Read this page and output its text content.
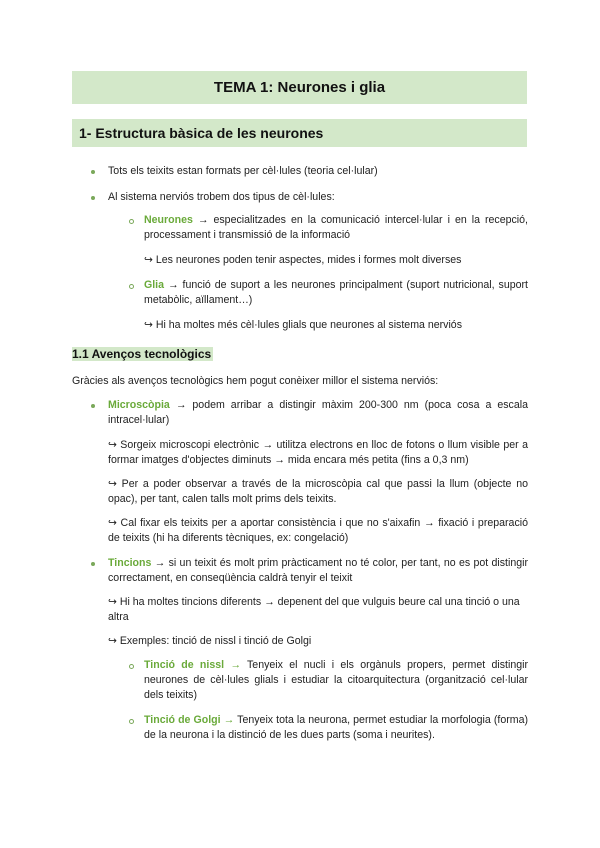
TEMA 1: Neurones i glia
1- Estructura bàsica de les neurones
Tots els teixits estan formats per cèl·lules (teoria cel·lular)
Al sistema nerviós trobem dos tipus de cèl·lules:
Neurones → especialitzades en la comunicació intercel·lular i en la recepció, processament i transmissió de la informació
↪ Les neurones poden tenir aspectes, mides i formes molt diverses
Glia → funció de suport a les neurones principalment (suport nutricional, suport metabòlic, aïllament…)
↪ Hi ha moltes més cèl·lules glials que neurones al sistema nerviós
1.1 Avenços tecnològics
Gràcies als avenços tecnològics hem pogut conèixer millor el sistema nerviós:
Microscòpia → podem arribar a distingir màxim 200-300 nm (poca cosa a escala intracel·lular)
↪ Sorgeix microscopi electrònic → utilitza electrons en lloc de fotons o llum visible per a formar imatges d'objectes diminuts → mida encara més petita (fins a 0,3 nm)
↪ Per a poder observar a través de la microscòpia cal que passi la llum (objecte no opac), per tant, calen talls molt prims dels teixits.
↪ Cal fixar els teixits per a aportar consistència i que no s'aixafin → fixació i preparació de teixits (hi ha diferents tècniques, ex: congelació)
Tincions → si un teixit és molt prim pràcticament no té color, per tant, no es pot distingir correctament, en conseqüència caldrà tenyir el teixit
↪ Hi ha moltes tincions diferents → depenent del que vulguis beure cal una tinció o una altra
↪ Exemples: tinció de nissl i tinció de Golgi
Tinció de nissl → Tenyeix el nucli i els orgànuls propers, permet distingir neurones de cèl·lules glials i estudiar la citoarquitectura (organització cel·lular dels teixits)
Tinció de Golgi → Tenyeix tota la neurona, permet estudiar la morfologia (forma) de la neurona i la distinció de les dues parts (soma i neurites).
